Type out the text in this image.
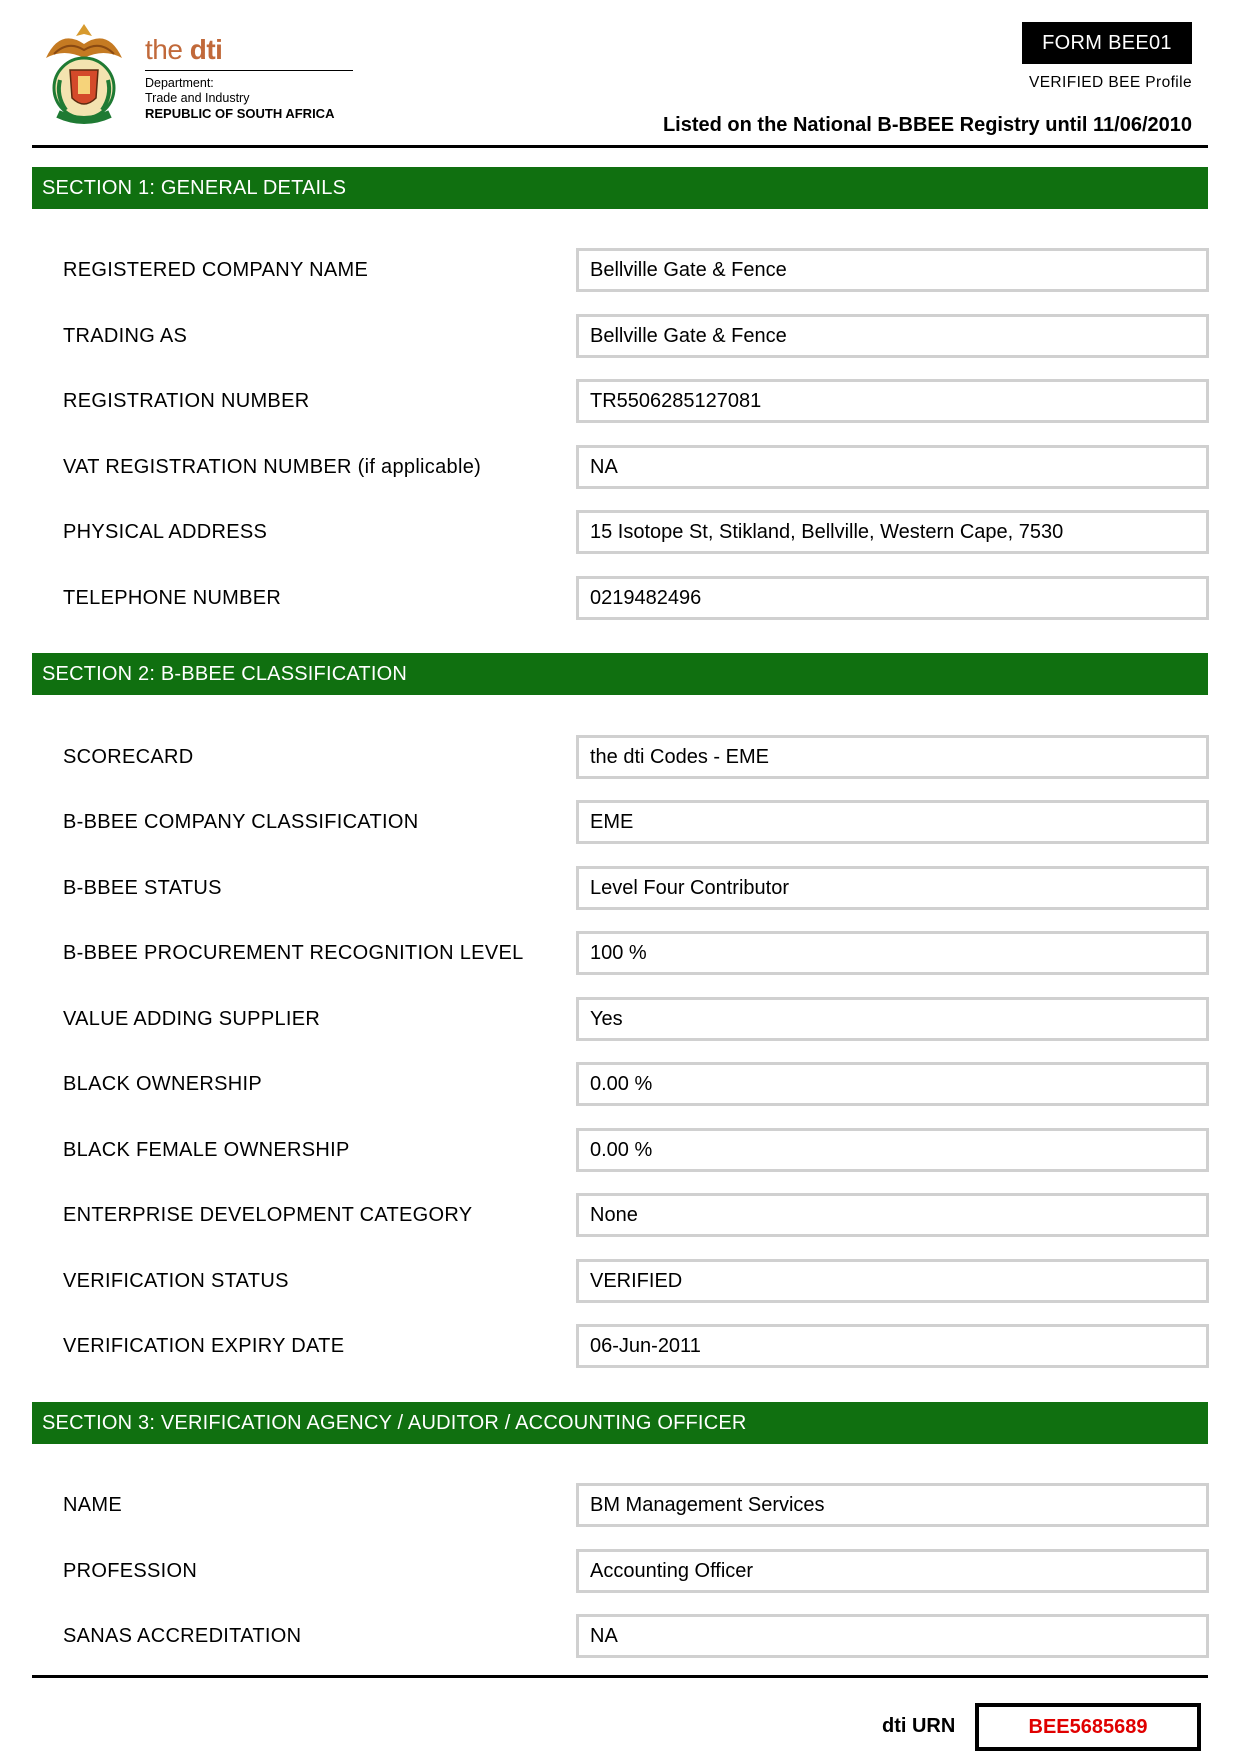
the dti
Department:
Trade and Industry
REPUBLIC OF SOUTH AFRICA
FORM BEE01
VERIFIED BEE Profile
Listed on the National B-BBEE Registry until 11/06/2010
SECTION 1: GENERAL DETAILS
REGISTERED COMPANY NAME	Bellville Gate & Fence
TRADING AS	Bellville Gate & Fence
REGISTRATION NUMBER	TR5506285127081
VAT REGISTRATION NUMBER (if applicable)	NA
PHYSICAL ADDRESS	15 Isotope St, Stikland, Bellville, Western Cape, 7530
TELEPHONE NUMBER	0219482496
SECTION 2: B-BBEE CLASSIFICATION
SCORECARD	the dti Codes - EME
B-BBEE COMPANY CLASSIFICATION	EME
B-BBEE STATUS	Level Four Contributor
B-BBEE PROCUREMENT RECOGNITION LEVEL	100 %
VALUE ADDING SUPPLIER	Yes
BLACK OWNERSHIP	0.00 %
BLACK FEMALE OWNERSHIP	0.00 %
ENTERPRISE DEVELOPMENT CATEGORY	None
VERIFICATION STATUS	VERIFIED
VERIFICATION EXPIRY DATE	06-Jun-2011
SECTION 3: VERIFICATION AGENCY / AUDITOR / ACCOUNTING OFFICER
NAME	BM Management Services
PROFESSION	Accounting Officer
SANAS ACCREDITATION	NA
dti URN	BEE5685689
